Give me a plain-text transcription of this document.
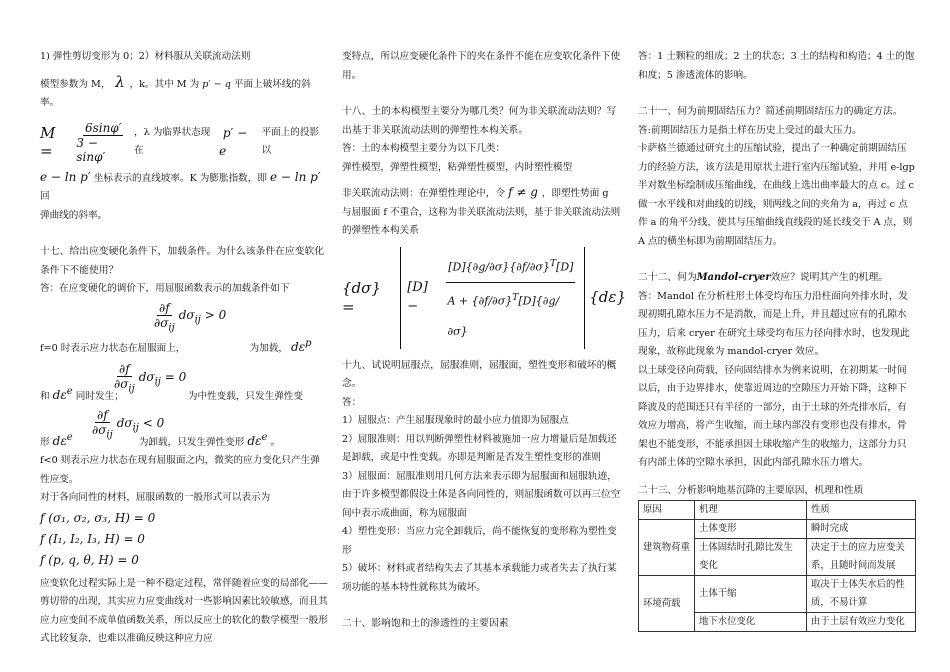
1) 弹性剪切变形为 0；2）材料服从关联流动法则

模型参数为 M， λ ，k。其中 M 为 p′ − q 平面上破坏线的斜率。

M =	$\frac{6\sin\varphi'}{3 - \sin\varphi'}$ ，λ 为临界状态现在
p′ − e
平面上的投影以

e − ln p′ 坐标表示的直线坡率。K 为膨胀指数，即 e − ln p′ 回

弹曲线的斜率。

十七、给出应变硬化条件下，加载条件。为什么该条件在应变软化条件下不能使用？

答：在应变硬化的调价下，用屈服函数表示的加载条件如下

$\frac{\partial f}{\partial\sigma_{ij}} d\sigma_{ij} > 0$

f=0 时表示应力状态在屈服面上，	为加载， $d\varepsilon^p$

$\frac{\partial f}{\partial\sigma_{ij}} d\sigma_{ij} = 0$

和 $d\varepsilon^e$ 同时发生；	为中性变载，只发生弹性变

$\frac{\partial f}{\partial\sigma_{ij}} d\sigma_{ij} < 0$

形 $d\varepsilon^e$	为卸载，只发生弹性变形 $d\varepsilon^e$ 。

f<0 则表示应力状态在现有屈服面之内，微奖的应力变化只产生弹性应变。

对于各向同性的材料，屈服函数的一般形式可以表示为

f (σ₁, σ₂, σ₃, H) = 0

f (I₁, I₂, I₃, H) = 0

f (p, q, θ, H) = 0

应变软化过程实际上是一种不稳定过程，常伴随着应变的局部化——剪切带的出现，其实应力应变曲线对一些影响因素比较敏感，而且其应力应变间不成单值函数关系，所以反应土的软化的数学模型一般形式比较复杂，也难以准确反映这种应力应

变特点，所以应变硬化条件下的夹在条件不能在应变软化条件下使用。

十八、土的本构模型主要分为哪几类？何为非关联流动法则？写出基于非关联流动法则的弹塑性本构关系。

答：土的本构模型主要分为以下几类：

弹性模型，弹塑性模型，粘弹塑性模型，内时塑性模型

非关联流动法则：在弹塑性理论中，令 f ≠ g ，即塑性势面 g

与屈服面 f 不重合，这称为非关联流动法则，基于非关联流动法则的弹塑性本构关系

{dσ} =
[D] −	$\frac{[D]\{\partial g/\partial\sigma\}\{\partial f/\partial\sigma\}^T[D]}{A + \{\partial f/\partial\sigma\}^T[D]\{\partial g/\partial\sigma\}} \{d\varepsilon\}$

十九、试说明屈服点，屈服准则，屈服面，塑性变形和破坏的概念。

答：

1）屈服点：产生屈服现象时的最小应力值即为屈服点

2）屈服准则：用以判断弹塑性材料被施加一应力增量后是加载还是卸载，或是中性变载。亦即是判断是否发生塑性变形的准则

3）屈服面：屈服准则用几何方法来表示即为屈服面和屈服轨迹，由于许多模型都假设土体是各向同性的，则屈服函数可以再三位空间中表示成曲面，称为屈服面

4）塑性变形：当应力完全卸载后，尚不能恢复的变形称为塑性变形

5）破坏：材料或者结构失去了其基本承载能力或者失去了执行某项功能的基本特性就称其为破坏。

二十、影响饱和土的渗透性的主要因素

答：1 土颗粒的组成；2 土的状态；3 土的结构和构造；4 土的饱和度；5 渗透流体的影响。

二十一、何为前期固结压力？简述前期固结压力的确定方法。

答:前期固结压力是指土样在历史上受过的最大压力。

卡萨格兰德通过研究土的压缩试验，提出了一种确定前期固结压力的经验方法，该方法是用原状土进行室内压缩试验，并用 e-lgp 半对数坐标绘制成压缩曲线，在曲线上选出曲率最大的点 c。过 c 做一水平线和对曲线的切线，则两线之间的夹角为 a，再过 c 点作 a 的角平分线，使其与压缩曲线直线段的延长线交于 A 点，则 A 点的横坐标即为前期固结压力。

二十二、何为Mandol-cryer效应？说明其产生的机理。

答：Mandol 在分析柱形土体受均布压力沿柱面向外排水时，发现初期孔隙水压力不是消散，而是上升，并且超过应有的孔隙水压力，后来 cryer 在研究土球受均布压力径向排水时，也发现此现象，故称此现象为 mandol-cryer 效应。

以土球受径向荷载，径向固结排水为例来说明，在初期某一时间以后，由于边界排水，使靠近周边的空隙压力开始下降，这种下降波及的范围还只有半径的一部分，由于土球的外壳排水后，有效应力增高，将产生收缩，而土球内部没有变形也没有排水，骨架也不能变形，不能承担因土球收缩产生的收缩力，这部分力只有内部土体的空隙水承担，因此内部孔隙水压力增大。

二十三、分析影响地基沉降的主要原因，机理和性质

原因	机理	性质
建筑物荷重	土体变形	瞬时完成
	土体固结时孔隙比发生变化	决定于土的应力应变关系，且随时间而发展
环境荷载	土体干缩	取决于土体失水后的性质，不易计算
	地下水位变化	由于土层有效应力变化
